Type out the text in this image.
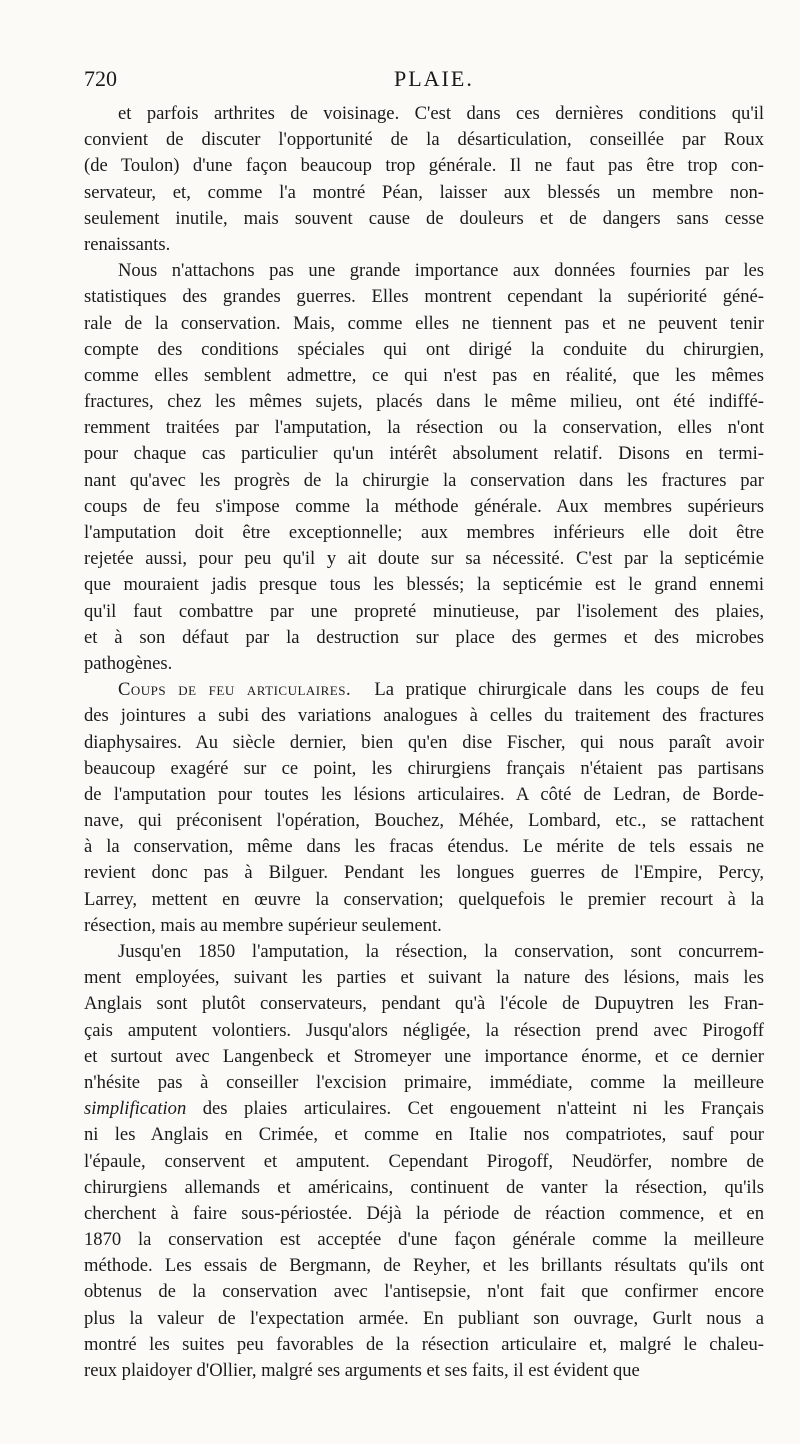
720	PLAIE.
et parfois arthrites de voisinage. C'est dans ces dernières conditions qu'il
convient de discuter l'opportunité de la désarticulation, conseillée par Roux
(de Toulon) d'une façon beaucoup trop générale. Il ne faut pas être trop con-
servateur, et, comme l'a montré Péan, laisser aux blessés un membre non-
seulement inutile, mais souvent cause de douleurs et de dangers sans cesse
renaissants.
Nous n'attachons pas une grande importance aux données fournies par les
statistiques des grandes guerres. Elles montrent cependant la supériorité géné-
rale de la conservation. Mais, comme elles ne tiennent pas et ne peuvent tenir
compte des conditions spéciales qui ont dirigé la conduite du chirurgien,
comme elles semblent admettre, ce qui n'est pas en réalité, que les mêmes
fractures, chez les mêmes sujets, placés dans le même milieu, ont été indiffé-
remment traitées par l'amputation, la résection ou la conservation, elles n'ont
pour chaque cas particulier qu'un intérêt absolument relatif. Disons en termi-
nant qu'avec les progrès de la chirurgie la conservation dans les fractures par
coups de feu s'impose comme la méthode générale. Aux membres supérieurs
l'amputation doit être exceptionnelle; aux membres inférieurs elle doit être
rejetée aussi, pour peu qu'il y ait doute sur sa nécessité. C'est par la septicémie
que mouraient jadis presque tous les blessés; la septicémie est le grand ennemi
qu'il faut combattre par une propreté minutieuse, par l'isolement des plaies,
et à son défaut par la destruction sur place des germes et des microbes
pathogènes.
Coups de feu articulaires. La pratique chirurgicale dans les coups de feu
des jointures a subi des variations analogues à celles du traitement des fractures
diaphysaires. Au siècle dernier, bien qu'en dise Fischer, qui nous paraît avoir
beaucoup exagéré sur ce point, les chirurgiens français n'étaient pas partisans
de l'amputation pour toutes les lésions articulaires. A côté de Ledran, de Borde-
nave, qui préconisent l'opération, Bouchez, Méhée, Lombard, etc., se rattachent
à la conservation, même dans les fracas étendus. Le mérite de tels essais ne
revient donc pas à Bilguer. Pendant les longues guerres de l'Empire, Percy,
Larrey, mettent en œuvre la conservation; quelquefois le premier recourt à la
résection, mais au membre supérieur seulement.
Jusqu'en 1850 l'amputation, la résection, la conservation, sont concurrem-
ment employées, suivant les parties et suivant la nature des lésions, mais les
Anglais sont plutôt conservateurs, pendant qu'à l'école de Dupuytren les Fran-
çais amputent volontiers. Jusqu'alors négligée, la résection prend avec Pirogoff
et surtout avec Langenbeck et Stromeyer une importance énorme, et ce dernier
n'hésite pas à conseiller l'excision primaire, immédiate, comme la meilleure
simplification des plaies articulaires. Cet engouement n'atteint ni les Français
ni les Anglais en Crimée, et comme en Italie nos compatriotes, sauf pour
l'épaule, conservent et amputent. Cependant Pirogoff, Neudörfer, nombre de
chirurgiens allemands et américains, continuent de vanter la résection, qu'ils
cherchent à faire sous-périostée. Déjà la période de réaction commence, et en
1870 la conservation est acceptée d'une façon générale comme la meilleure
méthode. Les essais de Bergmann, de Reyher, et les brillants résultats qu'ils ont
obtenus de la conservation avec l'antisepsie, n'ont fait que confirmer encore
plus la valeur de l'expectation armée. En publiant son ouvrage, Gurlt nous a
montré les suites peu favorables de la résection articulaire et, malgré le chaleu-
reux plaidoyer d'Ollier, malgré ses arguments et ses faits, il est évident que
